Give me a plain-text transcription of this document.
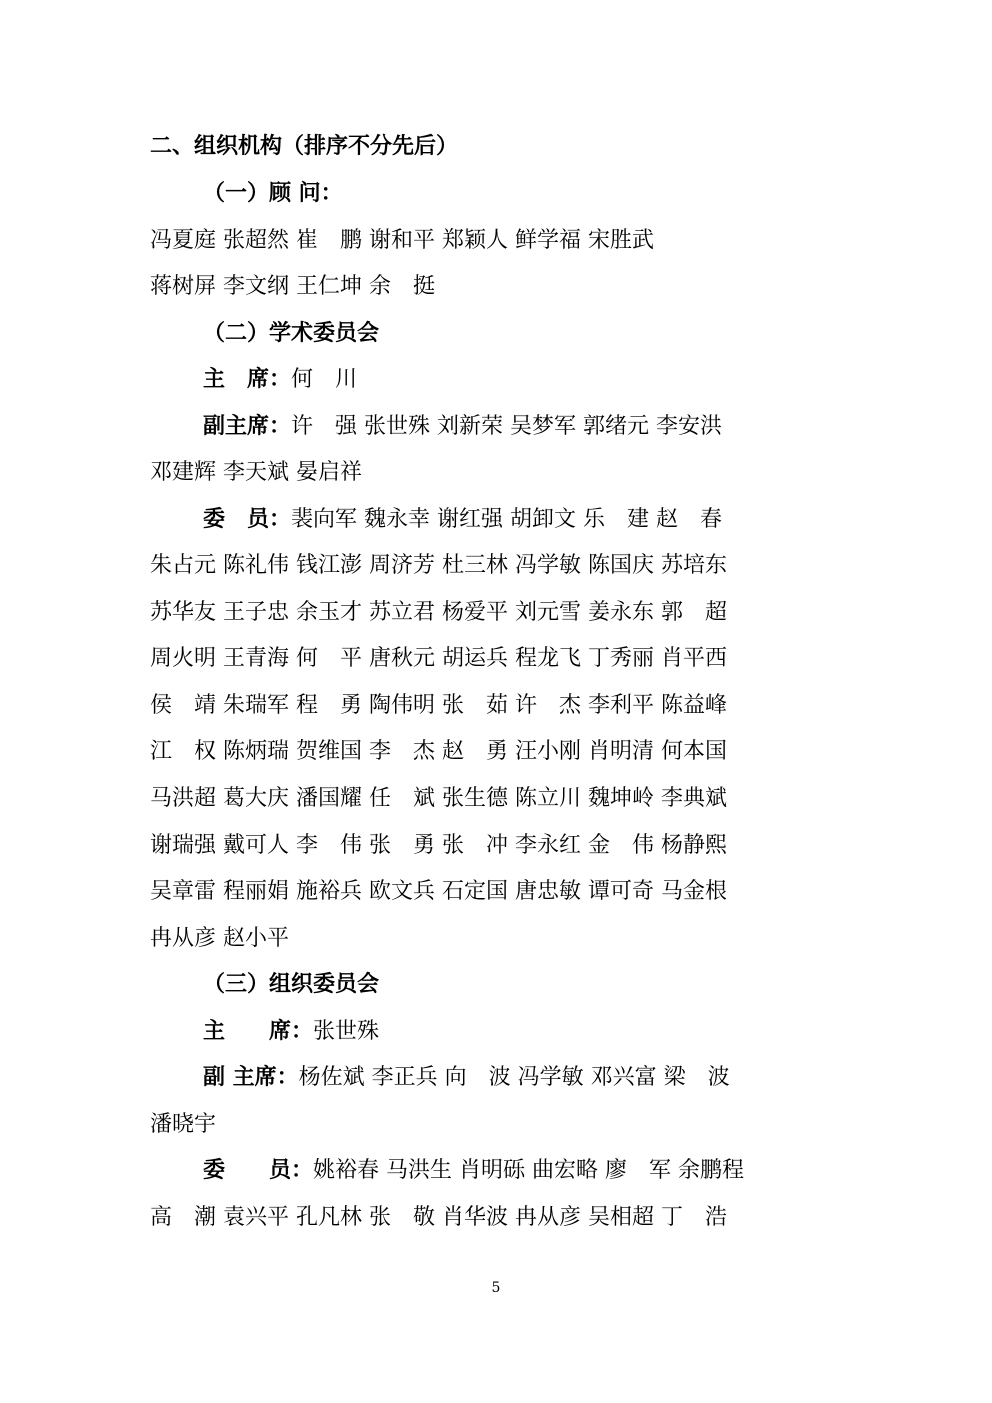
二、组织机构（排序不分先后）
（一）顾 问：
冯夏庭 张超然 崔　鹏 谢和平 郑颖人 鲜学福 宋胜武
蒋树屏 李文纲 王仁坤 余　挺
（二）学术委员会
主　席：何　川
副主席：许　强 张世殊 刘新荣 吴梦军 郭绪元 李安洪
邓建辉 李天斌 晏启祥
委　员：裴向军 魏永幸 谢红强 胡卸文 乐　建 赵　春
朱占元 陈礼伟 钱江澎 周济芳 杜三林 冯学敏 陈国庆 苏培东
苏华友 王子忠 余玉才 苏立君 杨爱平 刘元雪 姜永东 郭　超
周火明 王青海 何　平 唐秋元 胡运兵 程龙飞 丁秀丽 肖平西
侯　靖 朱瑞军 程　勇 陶伟明 张　茹 许　杰 李利平 陈益峰
江　权 陈炳瑞 贺维国 李　杰 赵　勇 汪小刚 肖明清 何本国
马洪超 葛大庆 潘国耀 任　斌 张生德 陈立川 魏坤岭 李典斌
谢瑞强 戴可人 李　伟 张　勇 张　冲 李永红 金　伟 杨静熙
吴章雷 程丽娟 施裕兵 欧文兵 石定国 唐忠敏 谭可奇 马金根
冉从彦 赵小平
（三）组织委员会
主　　席：张世殊
副 主席：杨佐斌 李正兵 向　波 冯学敏 邓兴富 梁　波
潘晓宇
委　　员：姚裕春 马洪生 肖明砾 曲宏略 廖　军 余鹏程
高　潮 袁兴平 孔凡林 张　敬 肖华波 冉从彦 吴相超 丁　浩
5
